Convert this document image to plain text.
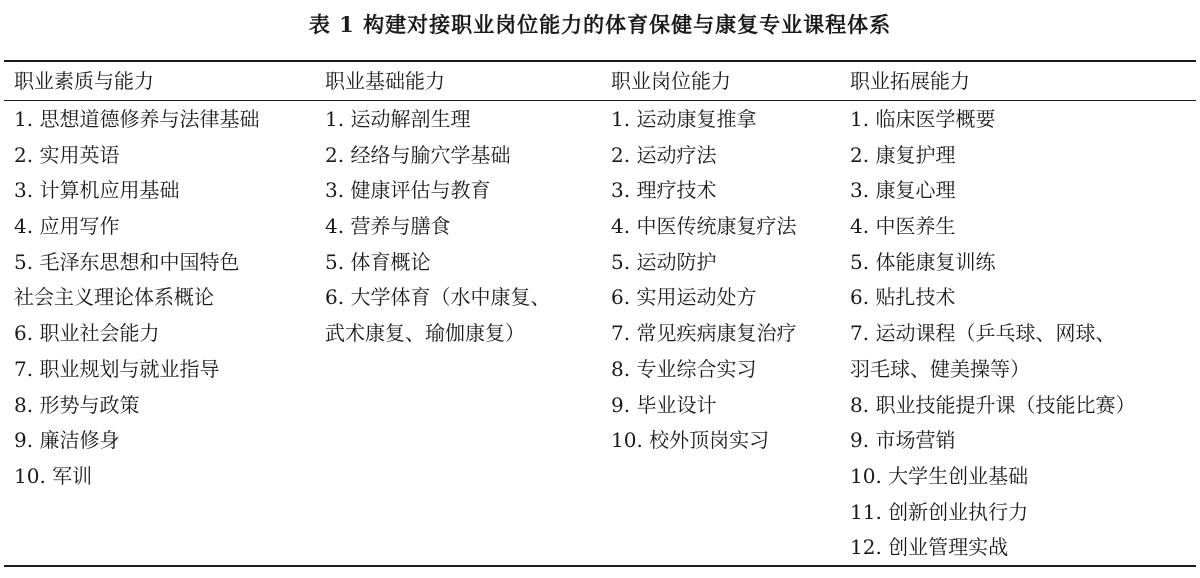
表 1 构建对接职业岗位能力的体育保健与康复专业课程体系
职业素质与能力
1. 思想道德修养与法律基础
2. 实用英语
3. 计算机应用基础
4. 应用写作
5. 毛泽东思想和中国特色
社会主义理论体系概论
6. 职业社会能力
7. 职业规划与就业指导
8. 形势与政策
9. 廉洁修身
10. 军训
职业基础能力
1. 运动解剖生理
2. 经络与腧穴学基础
3. 健康评估与教育
4. 营养与膳食
5. 体育概论
6. 大学体育（水中康复、
武术康复、瑜伽康复）
职业岗位能力
1. 运动康复推拿
2. 运动疗法
3. 理疗技术
4. 中医传统康复疗法
5. 运动防护
6. 实用运动处方
7. 常见疾病康复治疗
8. 专业综合实习
9. 毕业设计
10. 校外顶岗实习
职业拓展能力
1. 临床医学概要
2. 康复护理
3. 康复心理
4. 中医养生
5. 体能康复训练
6. 贴扎技术
7. 运动课程（乒乓球、网球、
羽毛球、健美操等）
8. 职业技能提升课（技能比赛）
9. 市场营销
10. 大学生创业基础
11. 创新创业执行力
12. 创业管理实战
